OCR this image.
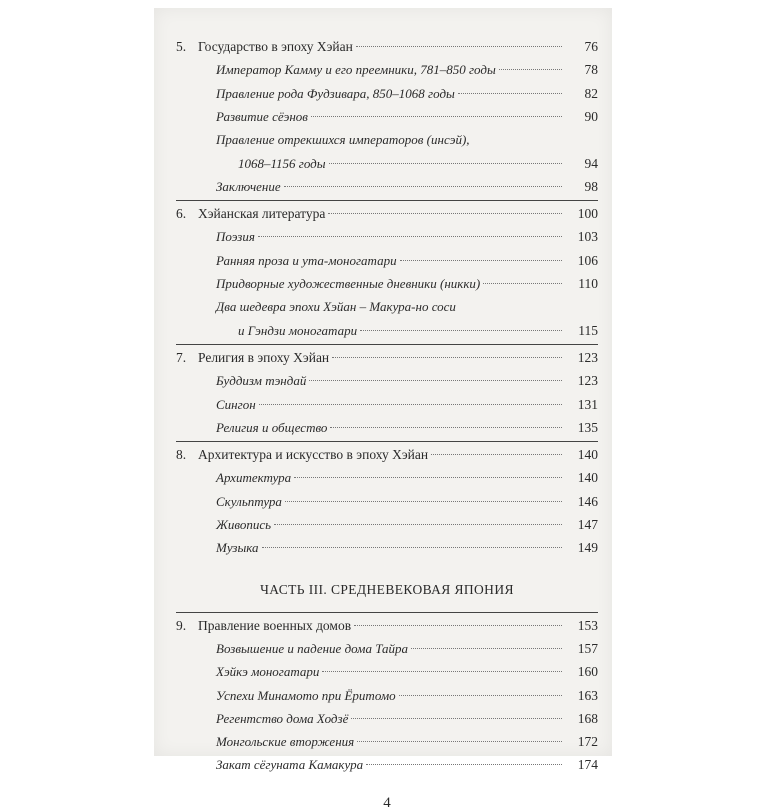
76
5. Государство в эпоху Хэйан
78
Император Камму и его преемники, 781–850 годы
82
Правление рода Фудзивара, 850–1068 годы
90
Развитие сёэнов
Правление отрекшихся императоров (инсэй),
94
1068–1156 годы
98
Заключение
100
6. Хэйанская литература
103
Поэзия
106
Ранняя проза и ута-моногатари
110
Придворные художественные дневники (никки)
Два шедевра эпохи Хэйан – Макура-но соси
115
и Гэндзи моногатари
123
7. Религия в эпоху Хэйан
123
Буддизм тэндай
131
Сингон
135
Религия и общество
140
8. Архитектура и искусство в эпоху Хэйан
140
Архитектура
146
Скульптура
147
Живопись
149
Музыка
ЧАСТЬ III. СРЕДНЕВЕКОВАЯ ЯПОНИЯ
153
9. Правление военных домов
157
Возвышение и падение дома Тайра
160
Хэйкэ моногатари
163
Успехи Минамото при Ёритомо
168
Регентство дома Ходзё
172
Монгольские вторжения
174
Закат сёгуната Камакура
4
